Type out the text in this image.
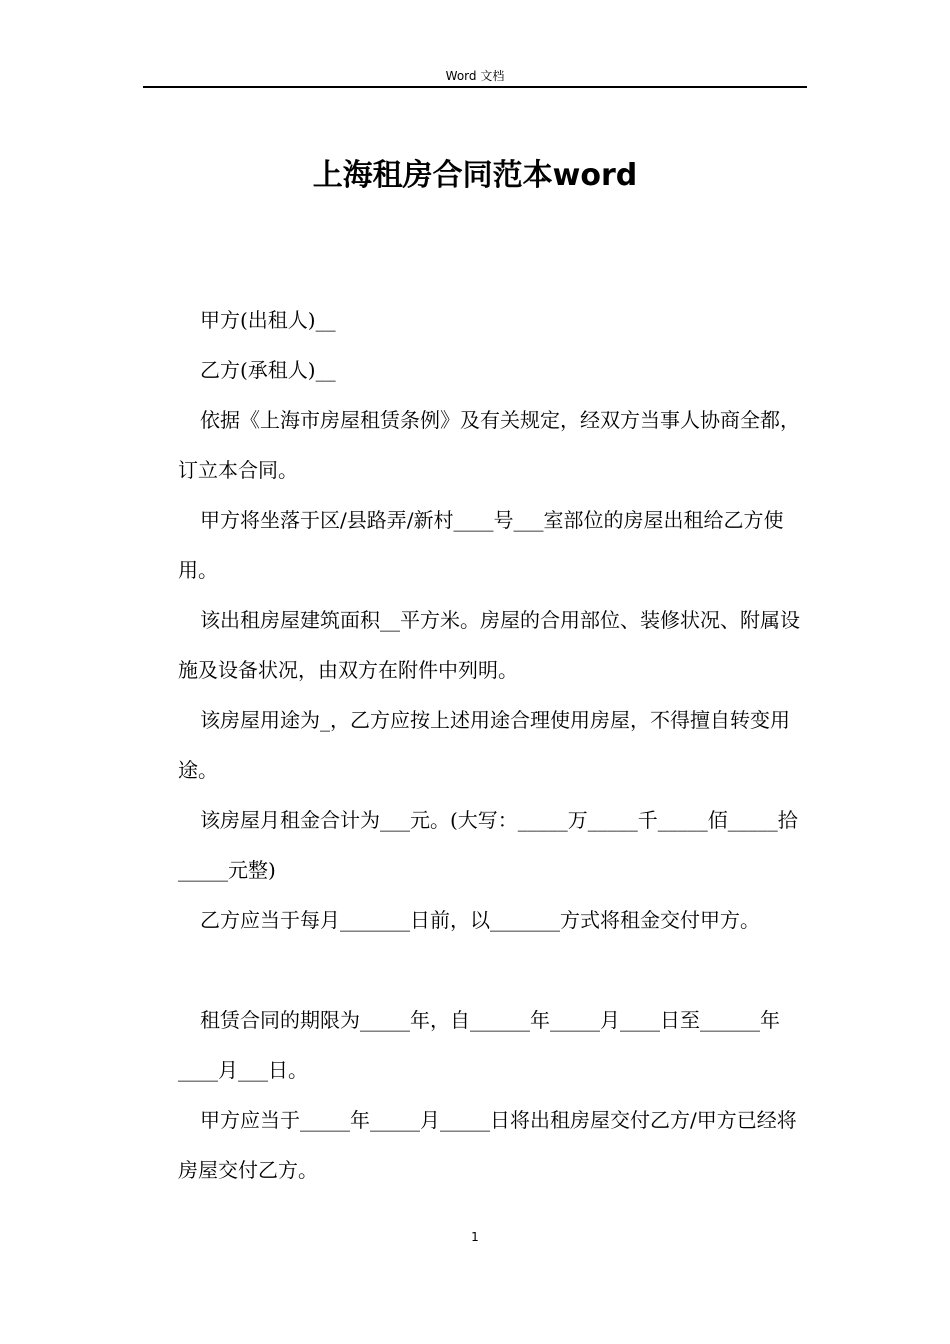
Word 文档
上海租房合同范本word

甲方(出租人)__

乙方(承租人)__

依据《上海市房屋租赁条例》及有关规定，经双方当事人协商全都，订立本合同。

甲方将坐落于区/县路弄/新村____号___室部位的房屋出租给乙方使用。

该出租房屋建筑面积__平方米。房屋的合用部位、装修状况、附属设施及设备状况，由双方在附件中列明。

该房屋用途为_，乙方应按上述用途合理使用房屋，不得擅自转变用途。

该房屋月租金合计为___元。(大写：_____万_____千_____佰_____拾_____元整)

乙方应当于每月_______日前，以_______方式将租金交付甲方。

租赁合同的期限为_____年，自______年_____月____日至______年____月___日。

甲方应当于_____年_____月_____日将出租房屋交付乙方/甲方已经将房屋交付乙方。

1
